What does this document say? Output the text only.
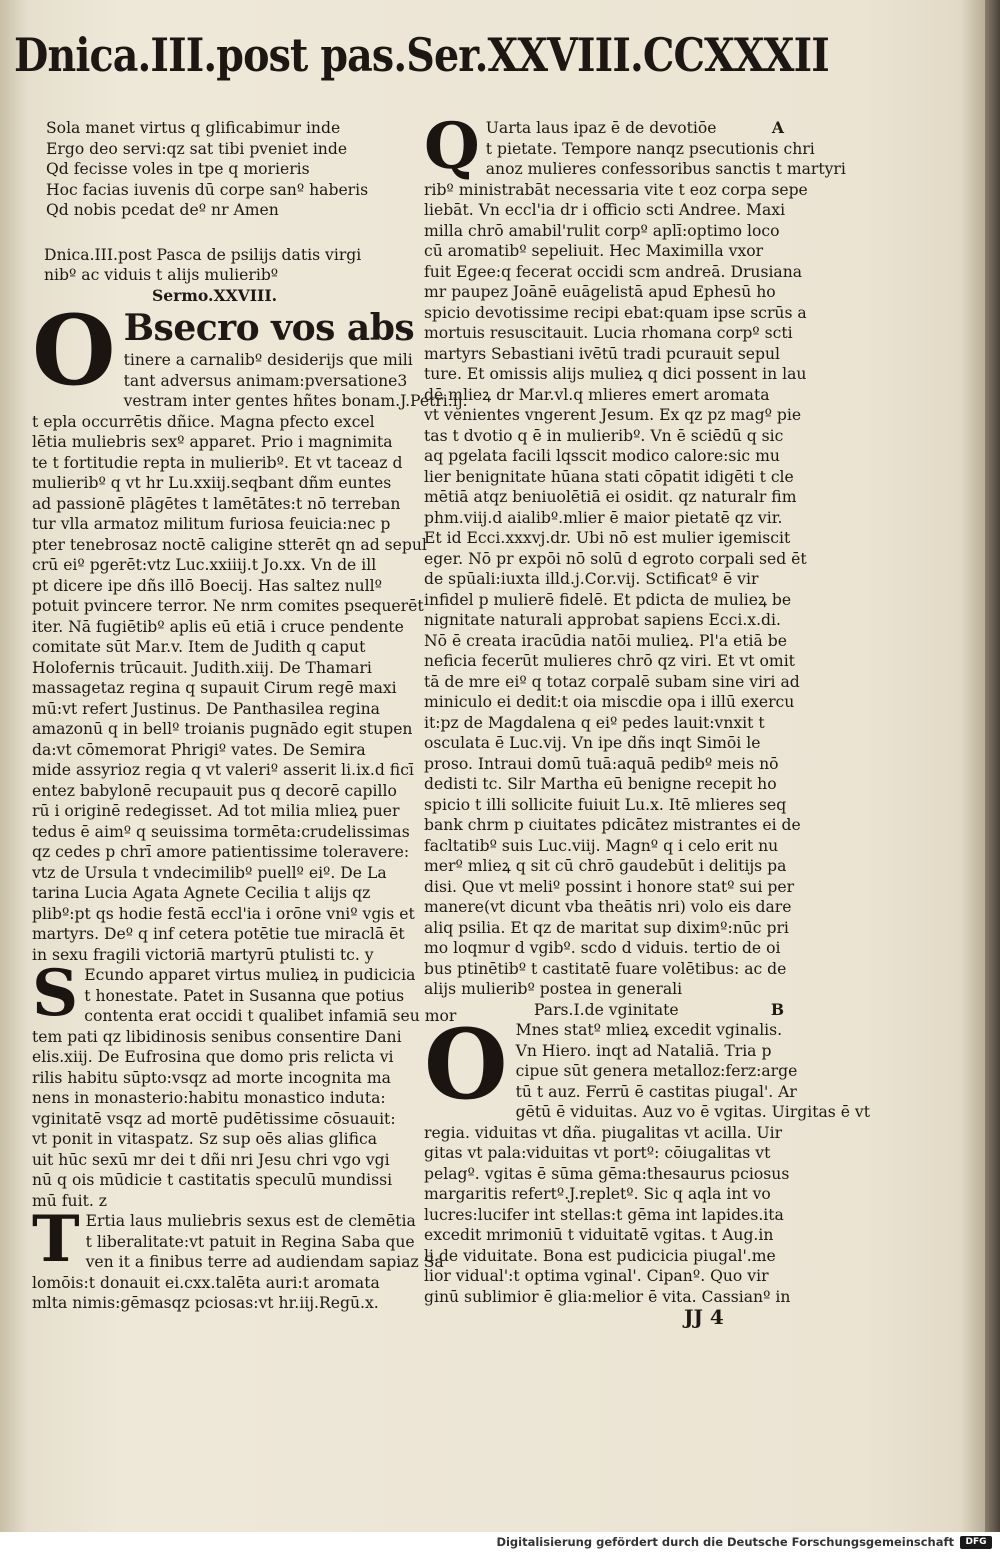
Dnica.III.post pas.Ser.XXVIII.CCXXXII
Sola manet virtus q glificabimur inde
Ergo deo servi:qz sat tibi pveniet inde
Qd fecisse voles in tpe q morieris
Hoc facias iuvenis dū corpe sanº haberis
Qd nobis pcedat deº nr Amen
Dnica.III.post Pasca de psilijs datis virgi
nibº ac viduis t alijs mulieribº
Sermo.XXVIII.
O Bsecro vos abs
tinere a carnalibº desiderijs que mili
tant adversus animam:pversatione3
vestram inter gentes hñtes bonam.J.Petri.ij.
t epla occurrētis dñice. Magna pfecto excel
lētia muliebris sexº apparet. Prio i magnimita
te t fortitudie repta in mulieribº. Et vt taceaz d
mulieribº q vt hr Lu.xxiij.seqbant dñm euntes
ad passionē plāgētes t lamētātes:t nō terreban
tur vlla armatoz militum furiosa feuicia:nec p
pter tenebrosaz noctē caligine stterēt qn ad sepul
crū eiº pgerēt:vtz Luc.xxiiij.t Jo.xx. Vn de ill
pt dicere ipe dñs illō Boecij. Has saltez nullº
potuit pvincere terror. Ne nrm comites psequerēt
iter. Nā fugiētibº aplis eū etiā i cruce pendente
comitate sūt Mar.v. Item de Judith q caput
Holofernis trūcauit. Judith.xiij. De Thamari
massagetaz regina q supauit Cirum regē maxi
mū:vt refert Justinus. De Panthasilea regina
amazonū q in bellº troianis pugnādo egit stupen
da:vt cōmemorat Phrigiº vates. De Semira
mide assyrioz regia q vt valeriº asserit li.ix.d ficī
entez babylonē recupauit pus q decorē capillo
rū i originē redegisset. Ad tot milia mlieꝝ puer
tedus ē aimº q seuissima tormēta:crudelissimas
qz cedes p chrī amore patientissime toleravere:
vtz de Ursula t vndecimilibº puellº eiº. De La
tarina Lucia Agata Agnete Cecilia t alijs qz
plibº:pt qs hodie festā eccl'ia i orōne vniº vgis et
martyrs. Deº q inf cetera potētie tue miraclā ēt
in sexu fragili victoriā martyrū ptulisti tc. y
S Ecundo apparet virtus mulieꝝ in pudicicia
t honestate. Patet in Susanna que potius
contenta erat occidi t qualibet infamiā seu mor
tem pati qz libidinosis senibus consentire Dani
elis.xiij. De Eufrosina que domo pris relicta vi
rilis habitu sūpto:vsqz ad morte incognita ma
nens in monasterio:habitu monastico induta:
vginitatē vsqz ad mortē pudētissime cōsuauit:
vt ponit in vitaspatz. Sz sup oēs alias glifica
uit hūc sexū mr dei t dñi nri Jesu chri vgo vgi
nū q ois mūdicie t castitatis speculū mundissi
mū fuit. z
T Ertia laus muliebris sexus est de clemētia
t liberalitate:vt patuit in Regina Saba que
ven it a finibus terre ad audiendam sapiaz Sa
lomōis:t donauit ei.cxx.talēta auri:t aromata
mlta nimis:gēmasqz pciosas:vt hr.iij.Regū.x.
Q	A
Uarta laus ipaz ē de devotiōe
t pietate. Tempore nanqz psecutionis chri
anoz mulieres confessoribus sanctis t martyri
ribº ministrabāt necessaria vite t eoz corpa sepe
liebāt. Vn eccl'ia dr i officio scti Andree. Maxi
milla chrō amabil'rulit corpº aplī:optimo loco
cū aromatibº sepeliuit. Hec Maximilla vxor
fuit Egee:q fecerat occidi scm andreā. Drusiana
mr paupez Joānē euāgelistā apud Ephesū ho
spicio devotissime recipi ebat:quam ipse scrūs a
mortuis resuscitauit. Lucia rhomana corpº scti
martyrs Sebastiani ivētū tradi pcurauit sepul
ture. Et omissis alijs mulieꝝ q dici possent in lau
dē mlieꝝ dr Mar.vl.q mlieres emert aromata
vt venientes vngerent Jesum. Ex qz pz magº pie
tas t dvotio q ē in mulieribº. Vn ē sciēdū q sic
aq pgelata facili lqsscit modico calore:sic mu
lier benignitate hūana stati cōpatit idigēti t cle
mētiā atqz beniuolētiā ei osidit. qz naturalr fim
phm.viij.d aialibº.mlier ē maior pietatē qz vir.
Et id Ecci.xxxvj.dr. Ubi nō est mulier igemiscit
eger. Nō pr expōi nō solū d egroto corpali sed ēt
de spūali:iuxta illd.j.Cor.vij. Sctificatº ē vir
infidel p mulierē fidelē. Et pdicta de mulieꝝ be
nignitate naturali approbat sapiens Ecci.x.di.
Nō ē creata iracūdia natōi mulieꝝ. Pl'a etiā be
neficia fecerūt mulieres chrō qz viri. Et vt omit
tā de mre eiº q totaz corpalē subam sine viri ad
miniculo ei dedit:t oia miscdie opa i illū exercu
it:pz de Magdalena q eiº pedes lauit:vnxit t
osculata ē Luc.vij. Vn ipe dñs inqt Simōi le
proso. Intraui domū tuā:aquā pedibº meis nō
dedisti tc. Silr Martha eū benigne recepit ho
spicio t illi sollicite fuiuit Lu.x. Itē mlieres seq
bank chrm p ciuitates pdicātez mistrantes ei de
facltatibº suis Luc.viij. Magnº q i celo erit nu
merº mlieꝝ q sit cū chrō gaudebūt i delitijs pa
disi. Que vt meliº possint i honore statº sui per
manere(vt dicunt vba theātis nri) volo eis dare
aliq psilia. Et qz de maritat sup diximº:nūc pri
mo loqmur d vgibº. scdo d viduis. tertio de oi
bus ptinētibº t castitatē fuare volētibus: ac de
alijs mulieribº postea in generali
Pars.I.de vginitate	B
O Mnes statº mlieꝝ excedit vginalis.
Vn Hiero. inqt ad Nataliā. Tria p
cipue sūt genera metalloz:ferz:arge
tū t auz. Ferrū ē castitas piugal'. Ar
gētū ē viduitas. Auz vo ē vgitas. Uirgitas ē vt
regia. viduitas vt dña. piugalitas vt acilla. Uir
gitas vt pala:viduitas vt portº: cōiugalitas vt
pelagº. vgitas ē sūma gēma:thesaurus pciosus
margaritis refertº.J.repletº. Sic q aqla int vo
lucres:lucifer int stellas:t gēma int lapides.ita
excedit mrimoniū t viduitatē vgitas. t Aug.in
li.de viduitate. Bona est pudicicia piugal'.me
lior vidual':t optima vginal'. Cipanº. Quo vir
ginū sublimior ē glia:melior ē vita. Cassianº in
JJ 4
Digitalisierung gefördert durch die Deutsche Forschungsgemeinschaft	DFG
